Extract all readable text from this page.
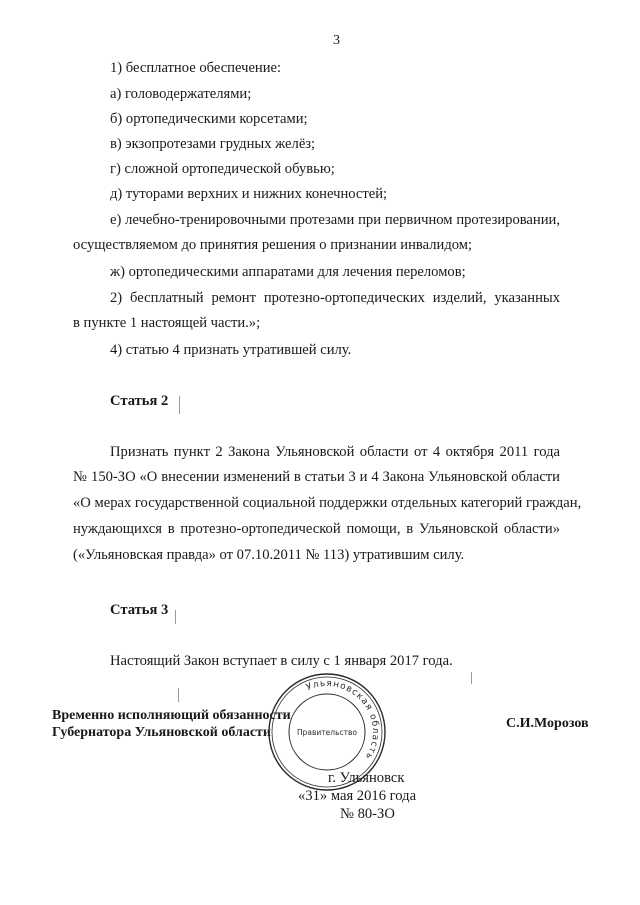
3
1) бесплатное обеспечение:
а) головодержателями;
б) ортопедическими корсетами;
в) экзопротезами грудных желёз;
г) сложной ортопедической обувью;
д) туторами верхних и нижних конечностей;
е) лечебно-тренировочными протезами при первичном протезировании,
осуществляемом до принятия решения о признании инвалидом;
ж) ортопедическими аппаратами для лечения переломов;
2) бесплатный ремонт протезно-ортопедических изделий, указанных
в пункте 1 настоящей части.»;
4) статью 4 признать утратившей силу.
Статья 2
Признать пункт 2 Закона Ульяновской области от 4 октября 2011 года
№ 150-ЗО «О внесении изменений в статьи 3 и 4 Закона Ульяновской области
«О мерах государственной социальной поддержки отдельных категорий граждан,
нуждающихся в протезно-ортопедической помощи, в Ульяновской области»
(«Ульяновская правда» от 07.10.2011 № 113) утратившим силу.
Статья 3
Настоящий Закон вступает в силу с 1 января 2017 года.
Временно исполняющий обязанности
Губернатора Ульяновской области
С.И.Морозов
Ульяновская область
Правительство
г. Ульяновск
«31» мая 2016 года
№ 80-ЗО
